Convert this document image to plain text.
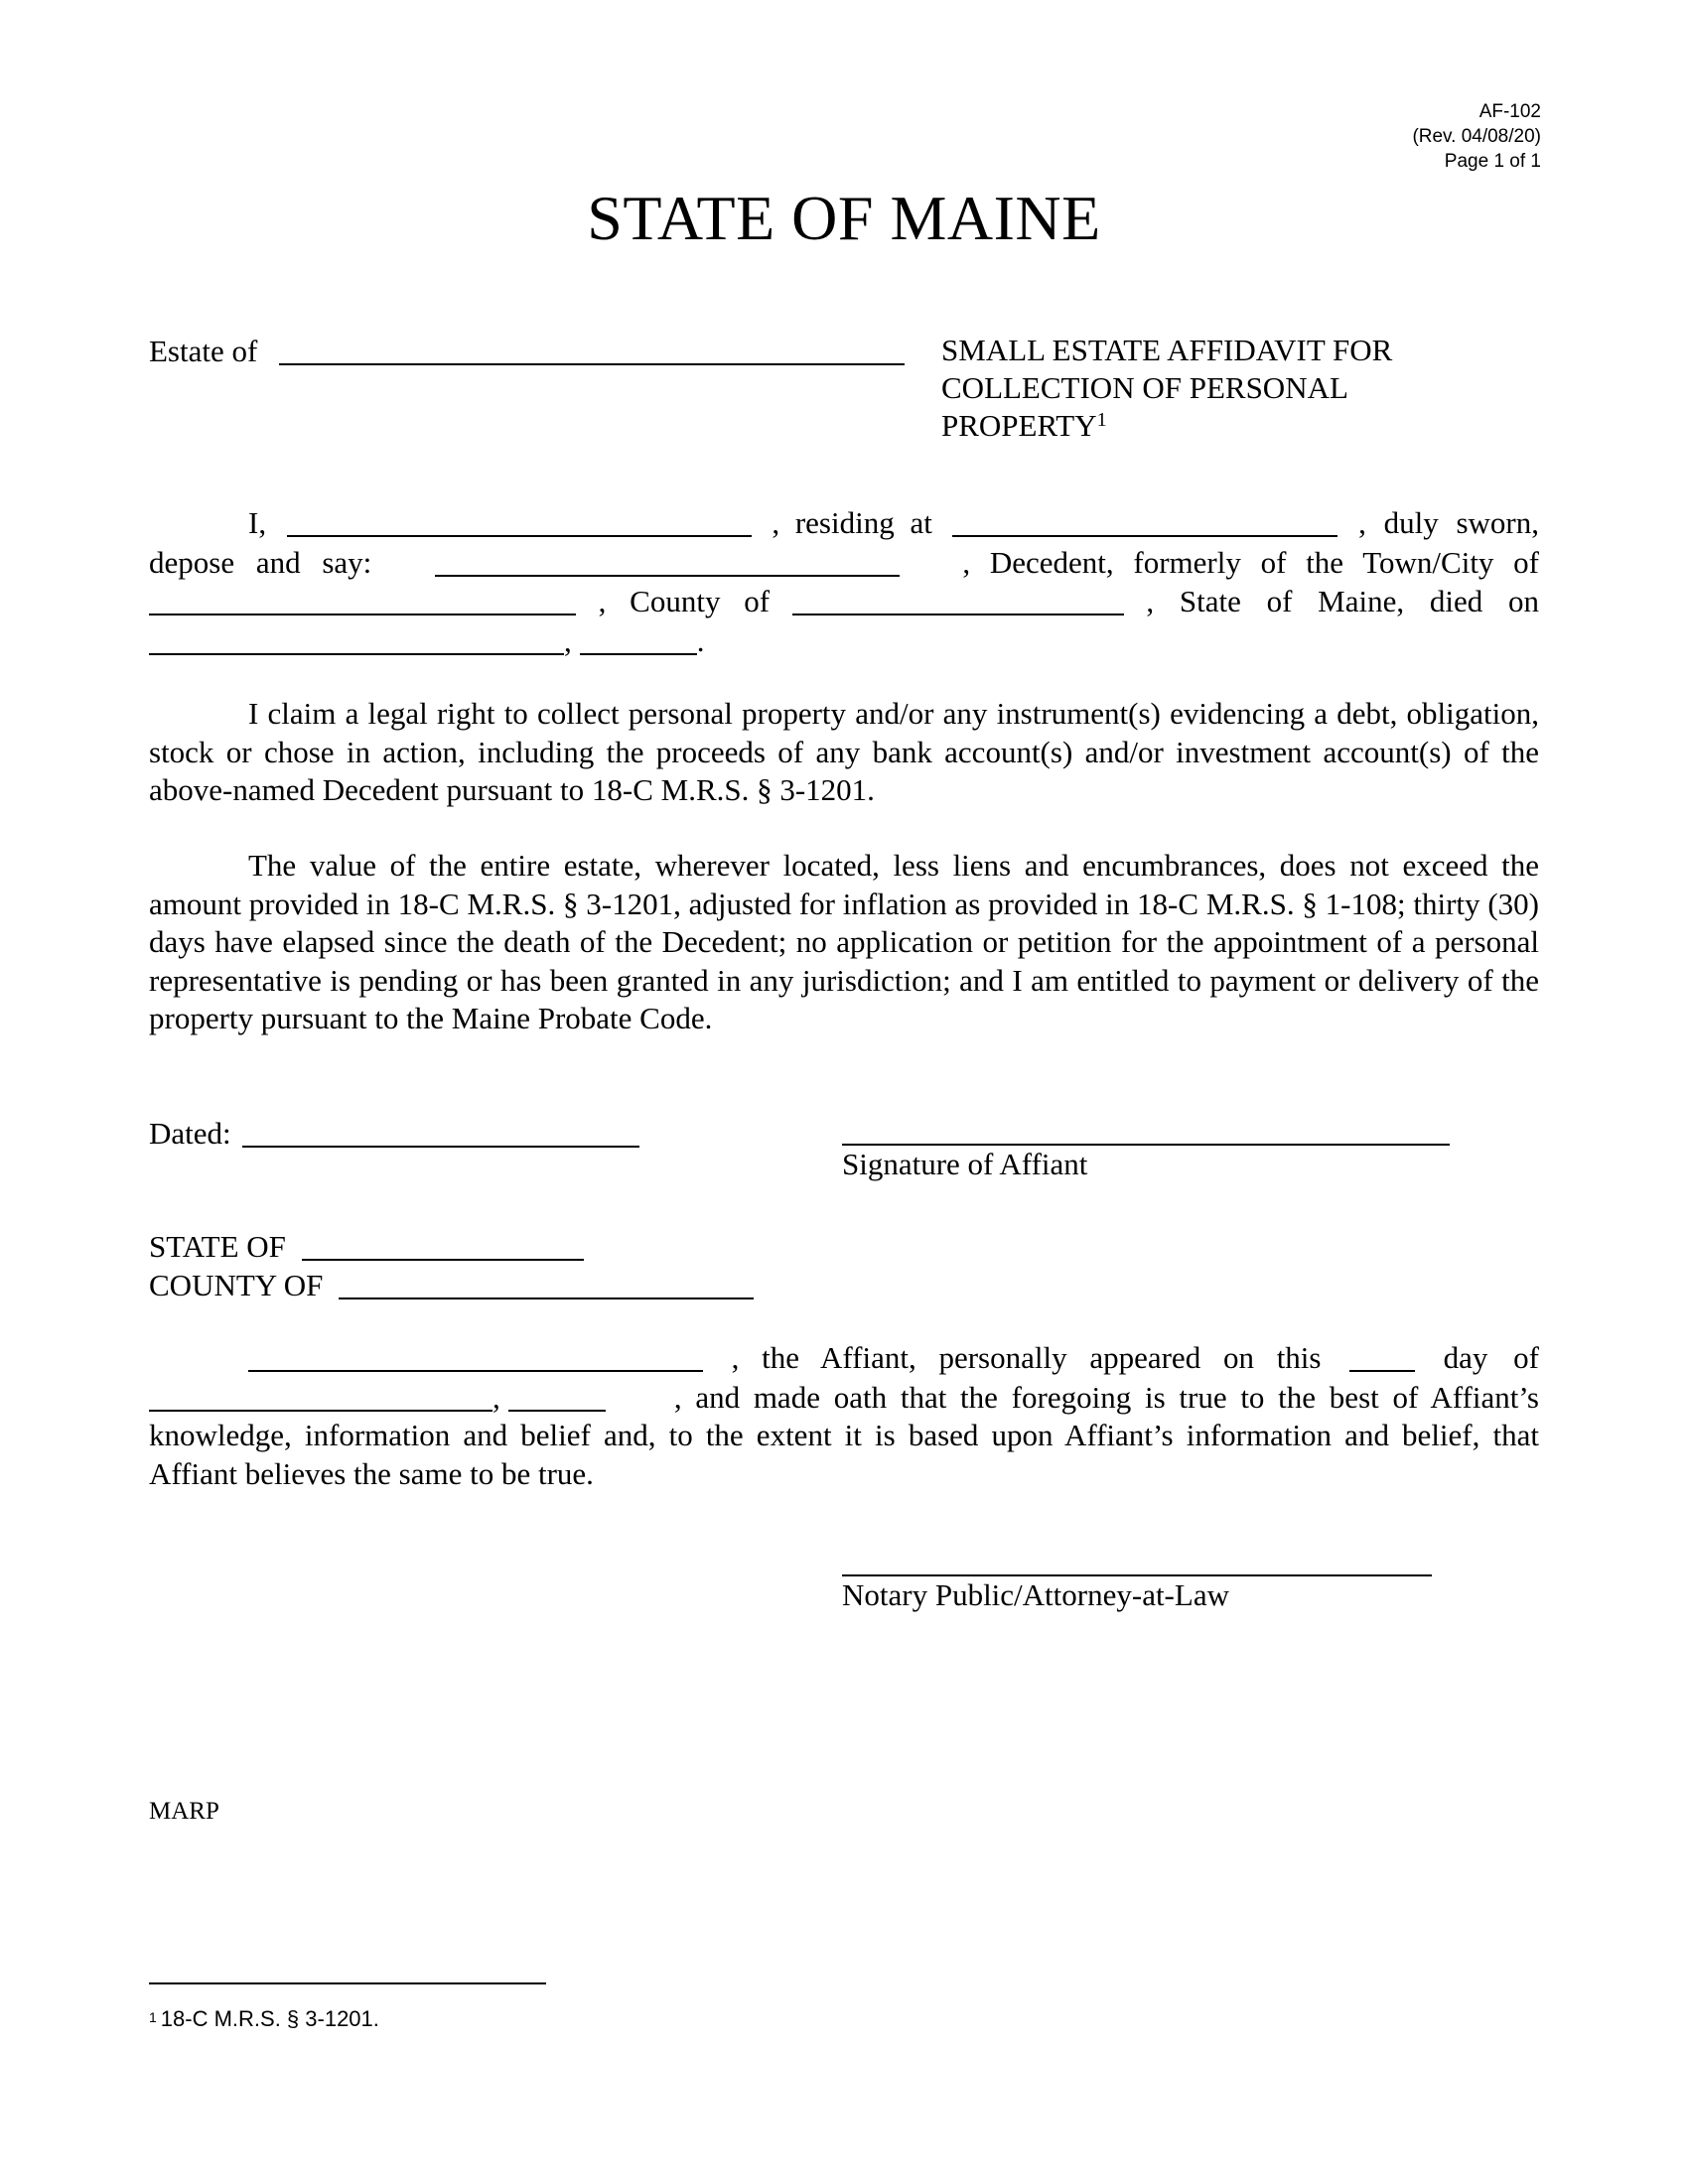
AF-102
(Rev. 04/08/20)
Page 1 of 1
STATE OF MAINE
Estate of	SMALL ESTATE AFFIDAVIT FOR
COLLECTION OF PERSONAL
PROPERTY$^1$
I,	, residing at	, duly sworn,
depose and say:	, Decedent, formerly of the Town/City of
, County of	, State of Maine, died on
,	.
I claim a legal right to collect personal property and/or any instrument(s) evidencing a debt, obligation, stock or chose in action, including the proceeds of any bank account(s) and/or investment account(s) of the above-named Decedent pursuant to 18-C M.R.S. § 3-1201.
The value of the entire estate, wherever located, less liens and encumbrances, does not exceed the amount provided in 18-C M.R.S. § 3-1201, adjusted for inflation as provided in 18-C M.R.S. § 1-108; thirty (30) days have elapsed since the death of the Decedent; no application or petition for the appointment of a personal representative is pending or has been granted in any jurisdiction; and I am entitled to payment or delivery of the property pursuant to the Maine Probate Code.
Dated:
Signature of Affiant
STATE OF
COUNTY OF
, the Affiant, personally appeared on this	day of
,	, and made oath that the foregoing is true to the best of Affiant’s
knowledge, information and belief and, to the extent it is based upon Affiant’s information and belief, that Affiant believes the same to be true.
Notary Public/Attorney-at-Law
MARP
$^1$ 18-C M.R.S. § 3-1201.
